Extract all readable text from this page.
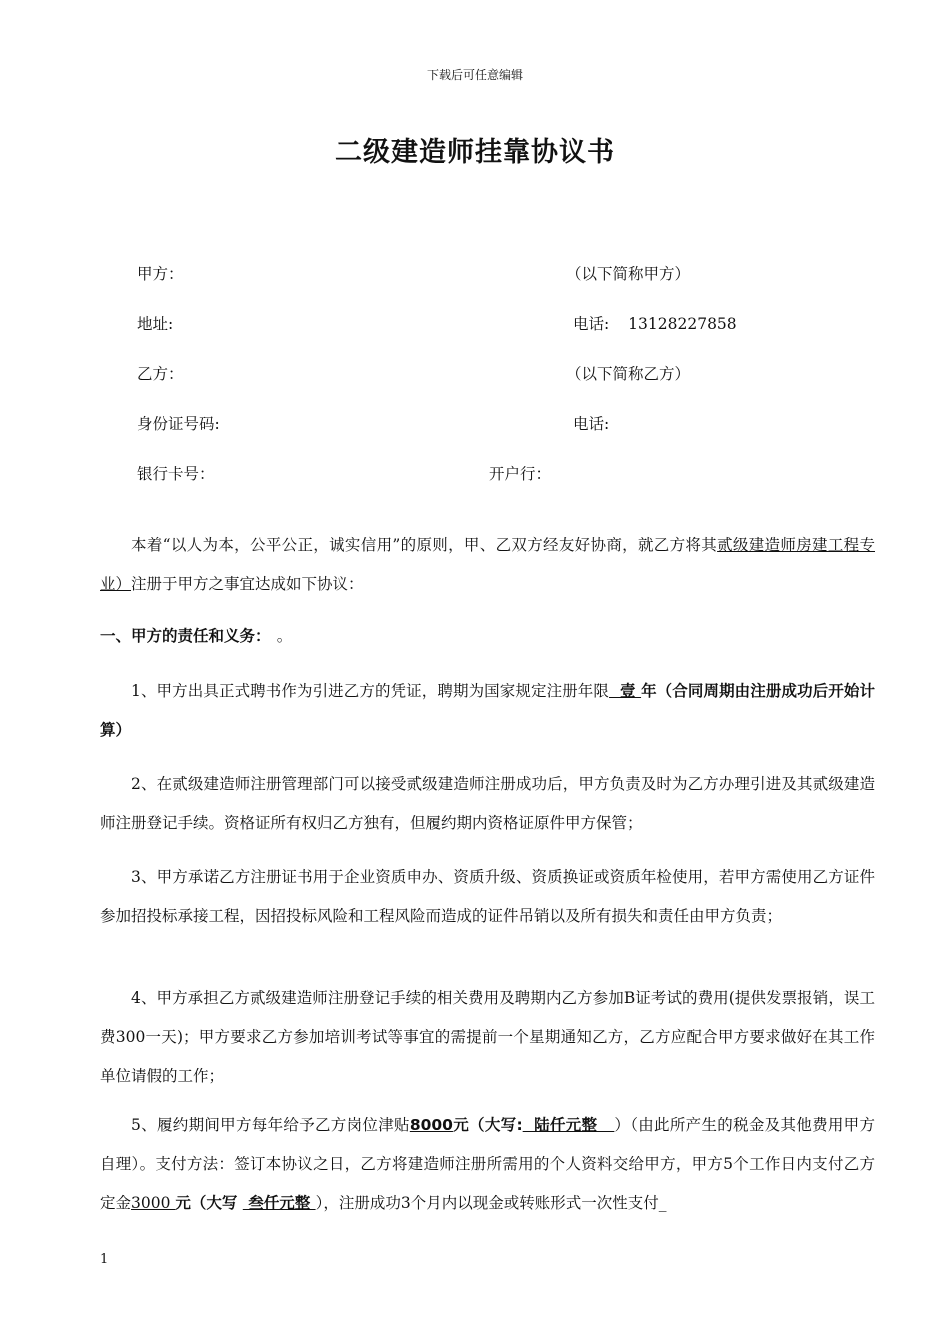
下载后可任意编辑
二级建造师挂靠协议书
甲方：	（以下简称甲方）
地址:	电话: 13128227858
乙方：	（以下简称乙方）
身份证号码:	电话:
银行卡号：	开户行：
本着“以人为本，公平公正，诚实信用”的原则，甲、乙双方经友好协商，就乙方将其贰级建造师房建工程专业）注册于甲方之事宜达成如下协议：
一、甲方的责任和义务： 。
1、甲方出具正式聘书作为引进乙方的凭证，聘期为国家规定注册年限  壹 年（合同周期由注册成功后开始计算）
2、在贰级建造师注册管理部门可以接受贰级建造师注册成功后，甲方负责及时为乙方办理引进及其贰级建造师注册登记手续。资格证所有权归乙方独有，但履约期内资格证原件甲方保管；
3、甲方承诺乙方注册证书用于企业资质申办、资质升级、资质换证或资质年检使用，若甲方需使用乙方证件参加招投标承接工程，因招投标风险和工程风险而造成的证件吊销以及所有损失和责任由甲方负责；
4、甲方承担乙方贰级建造师注册登记手续的相关费用及聘期内乙方参加B证考试的费用(提供发票报销，误工费300一天)；甲方要求乙方参加培训考试等事宜的需提前一个星期通知乙方，乙方应配合甲方要求做好在其工作单位请假的工作；
5、履约期间甲方每年给予乙方岗位津贴8000元（大写:  陆仟元整   ）（由此所产生的税金及其他费用甲方自理）。支付方法：签订本协议之日，乙方将建造师注册所需用的个人资料交给甲方，甲方5个工作日内支付乙方定金3000 元（大写  叁仟元整 ），注册成功3个月内以现金或转账形式一次性支付_
1
